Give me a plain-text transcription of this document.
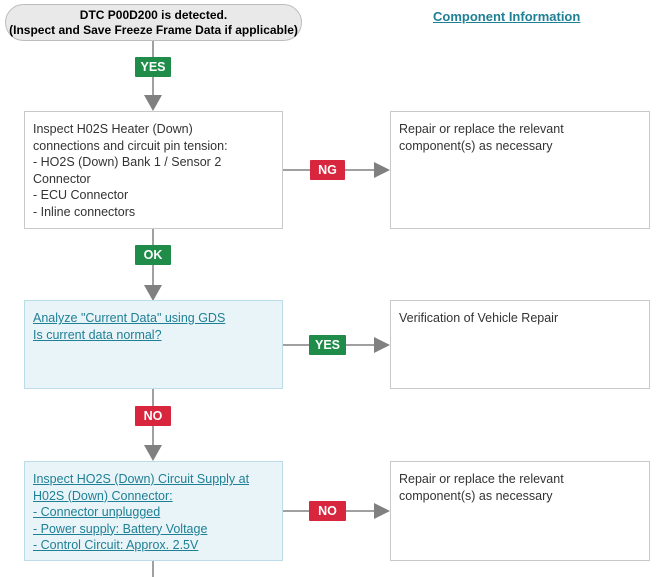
DTC P00D200 is detected.
(Inspect and Save Freeze Frame Data if applicable)
Component Information
YES
NG
OK
YES
NO
NO
Inspect H02S Heater (Down)
connections and circuit pin tension:
- HO2S (Down) Bank 1 / Sensor 2
Connector
- ECU Connector
- Inline connectors
Repair or replace the relevant
component(s) as necessary
Analyze "Current Data" using GDS
Is current data normal?
Verification of Vehicle Repair
Inspect HO2S (Down) Circuit Supply at
H02S (Down) Connector:
- Connector unplugged
- Power supply: Battery Voltage
- Control Circuit: Approx. 2.5V
Repair or replace the relevant
component(s) as necessary
